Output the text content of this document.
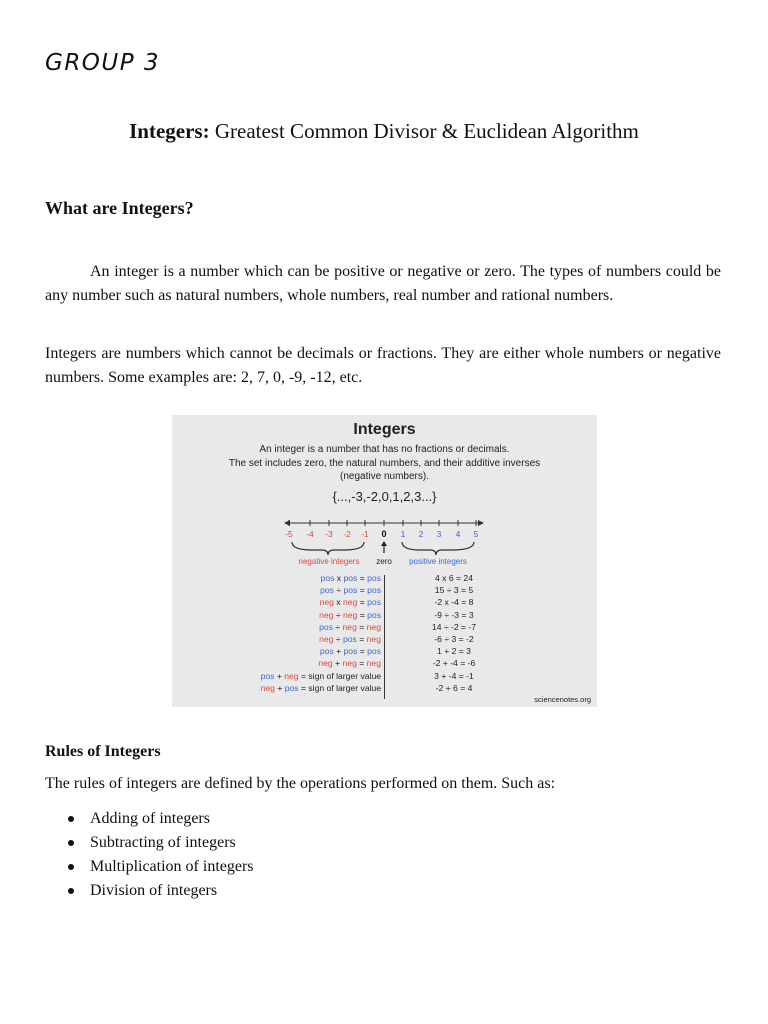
GROUP 3
Integers: Greatest Common Divisor & Euclidean Algorithm
What are Integers?
An integer is a number which can be positive or negative or zero. The types of numbers could be any number such as natural numbers, whole numbers, real number and rational numbers.
Integers are numbers which cannot be decimals or fractions. They are either whole numbers or negative numbers. Some examples are: 2, 7, 0, -9, -12, etc.
Integers
An integer is a number that has no fractions or decimals.
The set includes zero, the natural numbers, and their additive inverses
(negative numbers).
{...,-3,-2,0,1,2,3...}
-5 -4 -3 -2 -1 0 1 2 3 4 5
negative integers zero positive integers
pos x pos = pos
pos ÷ pos = pos
neg x neg = pos
neg ÷ neg = pos
pos ÷ neg = neg
neg ÷ pos = neg
pos + pos = pos
neg + neg = neg
pos + neg = sign of larger value
neg + pos = sign of larger value
4 x 6 = 24
15 ÷ 3 = 5
-2 x -4 = 8
-9 ÷ -3 = 3
14 ÷ -2 = -7
-6 ÷ 3 = -2
1 + 2 = 3
-2 + -4 = -6
3 + -4 = -1
-2 + 6 = 4
sciencenotes.org
Rules of Integers
The rules of integers are defined by the operations performed on them. Such as:
Adding of integers
Subtracting of integers
Multiplication of integers
Division of integers
